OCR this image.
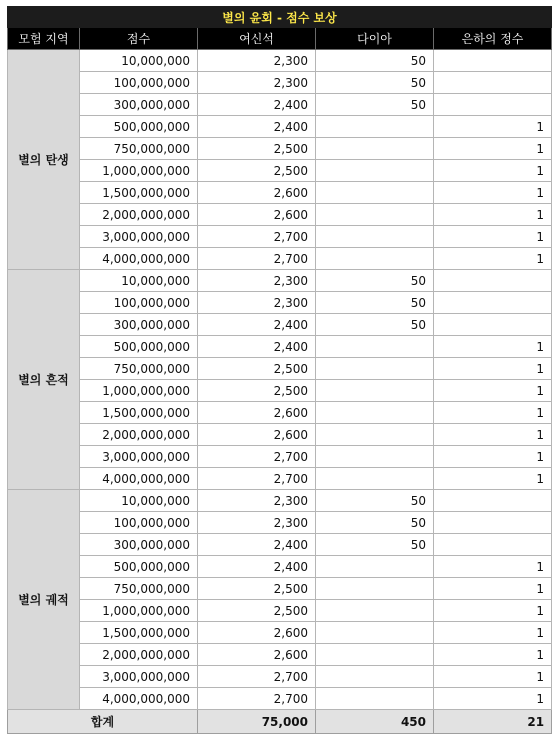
별의 윤회 - 점수 보상				
모험 지역	점수	여신석	다이아	은하의 정수
별의 탄생	10,000,000	2,300	50	
	100,000,000	2,300	50	
	300,000,000	2,400	50	
	500,000,000	2,400		1
	750,000,000	2,500		1
	1,000,000,000	2,500		1
	1,500,000,000	2,600		1
	2,000,000,000	2,600		1
	3,000,000,000	2,700		1
	4,000,000,000	2,700		1
별의 흔적	10,000,000	2,300	50	
	100,000,000	2,300	50	
	300,000,000	2,400	50	
	500,000,000	2,400		1
	750,000,000	2,500		1
	1,000,000,000	2,500		1
	1,500,000,000	2,600		1
	2,000,000,000	2,600		1
	3,000,000,000	2,700		1
	4,000,000,000	2,700		1
별의 궤적	10,000,000	2,300	50	
	100,000,000	2,300	50	
	300,000,000	2,400	50	
	500,000,000	2,400		1
	750,000,000	2,500		1
	1,000,000,000	2,500		1
	1,500,000,000	2,600		1
	2,000,000,000	2,600		1
	3,000,000,000	2,700		1
	4,000,000,000	2,700		1
합계		75,000	450	21
